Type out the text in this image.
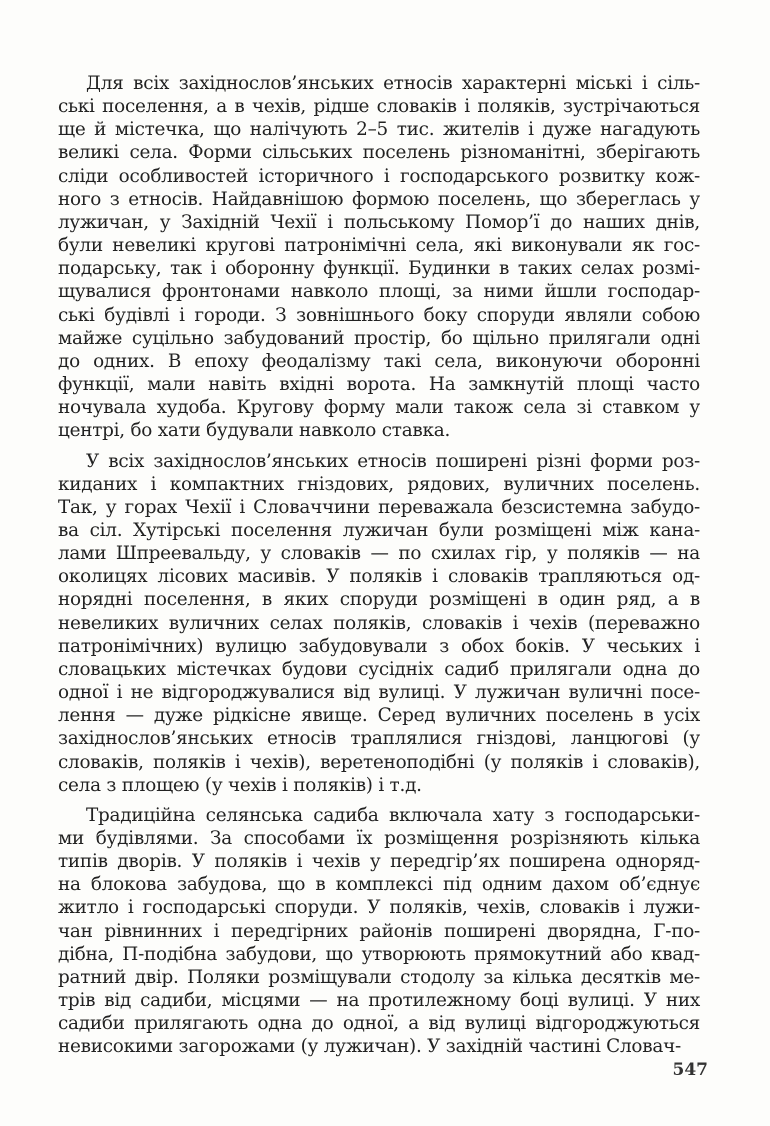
Для всіх західнослов’янських етносів характерні міські і сіль-
ські поселення, а в чехів, рідше словаків і поляків, зустрічаються
ще й містечка, що налічують 2–5 тис. жителів і дуже нагадують
великі села. Форми сільських поселень різноманітні, зберігають
сліди особливостей історичного і господарського розвитку кож-
ного з етносів. Найдавнішою формою поселень, що збереглась у
лужичан, у Західній Чехії і польському Помор’ї до наших днів,
були невеликі кругові патронімічні села, які виконували як гос-
подарську, так і оборонну функції. Будинки в таких селах розмі-
щувалися фронтонами навколо площі, за ними йшли господар-
ські будівлі і городи. З зовнішнього боку споруди являли собою
майже суцільно забудований простір, бо щільно прилягали одні
до одних. В епоху феодалізму такі села, виконуючи оборонні
функції, мали навіть вхідні ворота. На замкнутій площі часто
ночувала худоба. Кругову форму мали також села зі ставком у
центрі, бо хати будували навколо ставка.
У всіх західнослов’янських етносів поширені різні форми роз-
кидaних і компактних гніздових, рядових, вуличних поселень.
Так, у горах Чехії і Словаччини переважала безсистемна забудо-
ва сіл. Хутірські поселення лужичан були розміщені між кана-
лами Шпреевальду, у словаків — по схилах гір, у поляків — на
околицях лісових масивів. У поляків і словаків трапляються од-
норядні поселення, в яких споруди розміщені в один ряд, а в
невеликих вуличних селах поляків, словаків і чехів (переважно
патронімічних) вулицю забудовували з обох боків. У чеських і
словацьких містечках будови сусідніх садиб прилягали одна до
одної і не відгороджувалися від вулиці. У лужичан вуличні посе-
лення — дуже рідкісне явище. Серед вуличних поселень в усіх
західнослов’янських етносів траплялися гніздові, ланцюгові (у
словаків, поляків і чехів), веретеноподібні (у поляків і словаків),
села з площею (у чехів і поляків) і т.д.
Традиційна селянська садиба включала хату з господарськи-
ми будівлями. За способами їх розміщення розрізняють кілька
типів дворів. У поляків і чехів у передгір’ях поширена одноряд-
на блокова забудова, що в комплексі під одним дахом об’єднує
житло і господарські споруди. У поляків, чехів, словаків і лужи-
чан рівнинних і передгірних районів поширені дворядна, Г-по-
дібна, П-подібна забудови, що утворюють прямокутний або квад-
ратний двір. Поляки розміщували стодолу за кілька десятків ме-
трів від садиби, місцями — на протилежному боці вулиці. У них
садиби прилягають одна до одної, а від вулиці відгороджуються
невисокими загорожами (у лужичан). У західній частині Словач-
547
